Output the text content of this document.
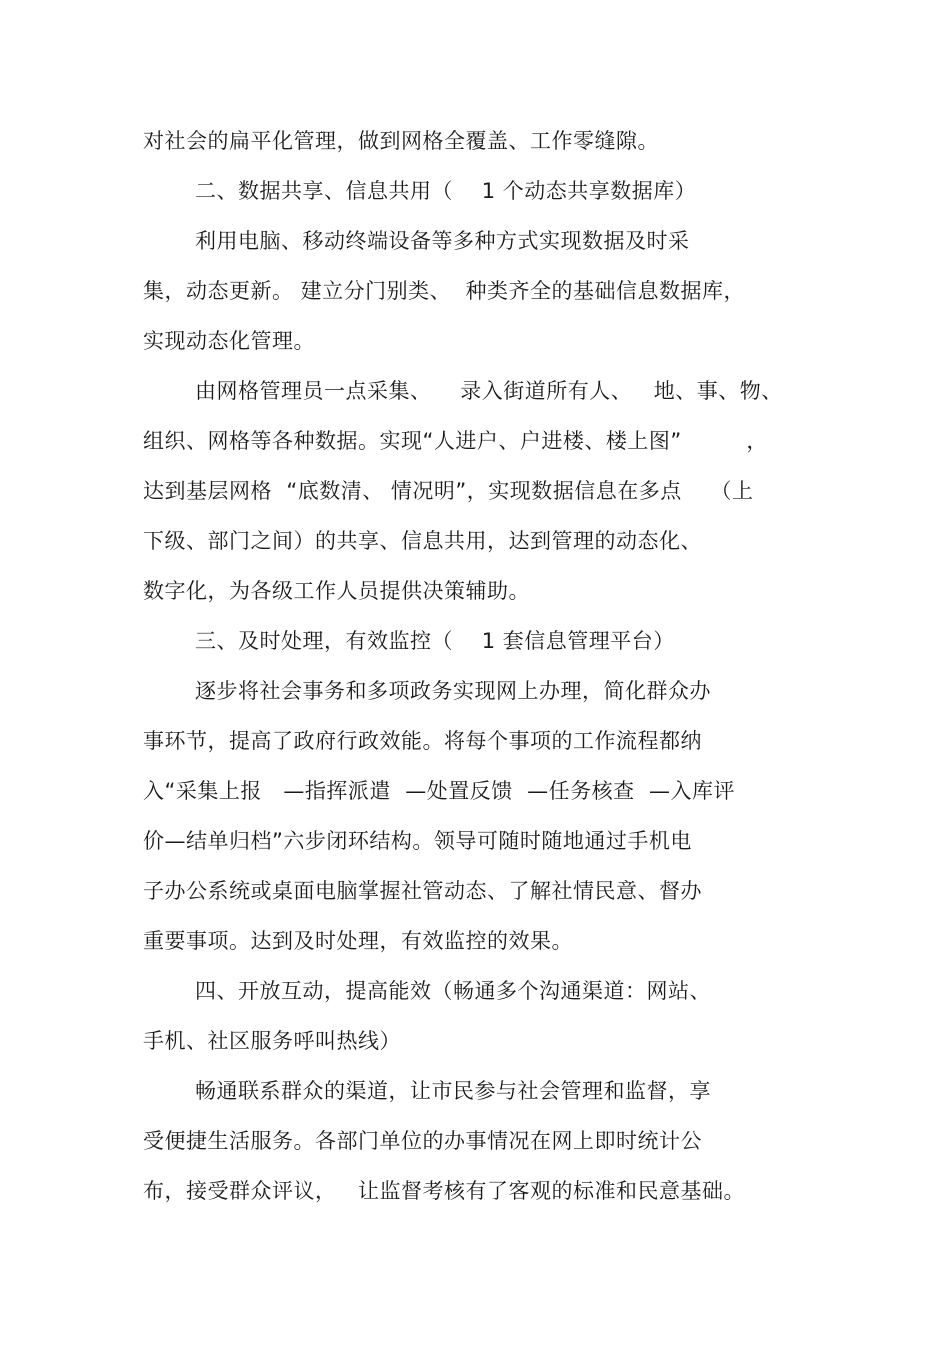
对社会的扁平化管理，做到网格全覆盖、工作零缝隙。
二、数据共享、信息共用（    1 个动态共享数据库）
利用电脑、移动终端设备等多种方式实现数据及时采
集，动态更新。 建立分门别类、  种类齐全的基础信息数据库，
实现动态化管理。
由网格管理员一点采集、    录入街道所有人、   地、事、物、
组织、网格等各种数据。实现“人进户、户进楼、楼上图”         ，
达到基层网格  “底数清、 情况明”，实现数据信息在多点    （上
下级、部门之间）的共享、信息共用，达到管理的动态化、
数字化，为各级工作人员提供决策辅助。
三、及时处理，有效监控（    1 套信息管理平台）
逐步将社会事务和多项政务实现网上办理，简化群众办
事环节，提高了政府行政效能。将每个事项的工作流程都纳
入“采集上报   —指挥派遣  —处置反馈  —任务核查  —入库评
价—结单归档”六步闭环结构。领导可随时随地通过手机电
子办公系统或桌面电脑掌握社管动态、了解社情民意、督办
重要事项。达到及时处理，有效监控的效果。
四、开放互动，提高能效（畅通多个沟通渠道：网站、
手机、社区服务呼叫热线）
畅通联系群众的渠道，让市民参与社会管理和监督，享
受便捷生活服务。各部门单位的办事情况在网上即时统计公
布，接受群众评议，   让监督考核有了客观的标准和民意基础。
